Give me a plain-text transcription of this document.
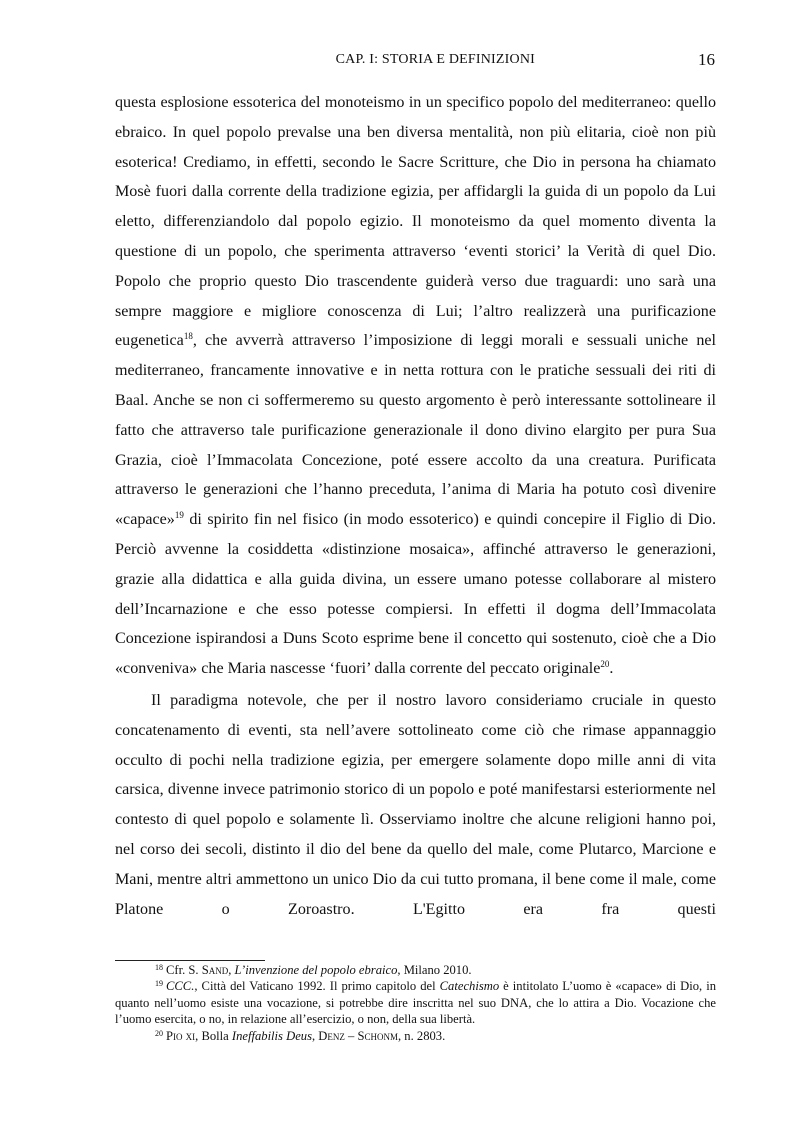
CAP. I: STORIA E DEFINIZIONI	16

questa esplosione essoterica del monoteismo in un specifico popolo del mediterraneo: quello ebraico. In quel popolo prevalse una ben diversa mentalità, non più elitaria, cioè non più esoterica! Crediamo, in effetti, secondo le Sacre Scritture, che Dio in persona ha chiamato Mosè fuori dalla corrente della tradizione egizia, per affidargli la guida di un popolo da Lui eletto, differenziandolo dal popolo egizio. Il monoteismo da quel momento diventa la questione di un popolo, che sperimenta attraverso ‘eventi storici’ la Verità di quel Dio. Popolo che proprio questo Dio trascendente guiderà verso due traguardi: uno sarà una sempre maggiore e migliore conoscenza di Lui; l’altro realizzerà una purificazione eugenetica$^{18}$, che avverrà attraverso l’imposizione di leggi morali e sessuali uniche nel mediterraneo, francamente innovative e in netta rottura con le pratiche sessuali dei riti di Baal. Anche se non ci soffermeremo su questo argomento è però interessante sottolineare il fatto che attraverso tale purificazione generazionale il dono divino elargito per pura Sua Grazia, cioè l’Immacolata Concezione, poté essere accolto da una creatura. Purificata attraverso le generazioni che l’hanno preceduta, l’anima di Maria ha potuto così divenire «capace»$^{19}$ di spirito fin nel fisico (in modo essoterico) e quindi concepire il Figlio di Dio. Perciò avvenne la cosiddetta «distinzione mosaica», affinché attraverso le generazioni, grazie alla didattica e alla guida divina, un essere umano potesse collaborare al mistero dell’Incarnazione e che esso potesse compiersi. In effetti il dogma dell’Immacolata Concezione ispirandosi a Duns Scoto esprime bene il concetto qui sostenuto, cioè che a Dio «conveniva» che Maria nascesse ‘fuori’ dalla corrente del peccato originale$^{20}$.

Il paradigma notevole, che per il nostro lavoro consideriamo cruciale in questo concatenamento di eventi, sta nell’avere sottolineato come ciò che rimase appannaggio occulto di pochi nella tradizione egizia, per emergere solamente dopo mille anni di vita carsica, divenne invece patrimonio storico di un popolo e poté manifestarsi esteriormente nel contesto di quel popolo e solamente lì. Osserviamo inoltre che alcune religioni hanno poi, nel corso dei secoli, distinto il dio del bene da quello del male, come Plutarco, Marcione e Mani, mentre altri ammettono un unico Dio da cui tutto promana, il bene come il male, come Platone o Zoroastro. L'Egitto era fra questi

$^{18}$ Cfr. S. Sand, L’invenzione del popolo ebraico, Milano 2010.

$^{19}$ CCC., Città del Vaticano 1992. Il primo capitolo del Catechismo è intitolato L’uomo è «capace» di Dio, in quanto nell’uomo esiste una vocazione, si potrebbe dire inscritta nel suo DNA, che lo attira a Dio. Vocazione che l’uomo esercita, o no, in relazione all’esercizio, o non, della sua libertà.

$^{20}$ Pio xi, Bolla Ineffabilis Deus, Denz – Schonm, n. 2803.
